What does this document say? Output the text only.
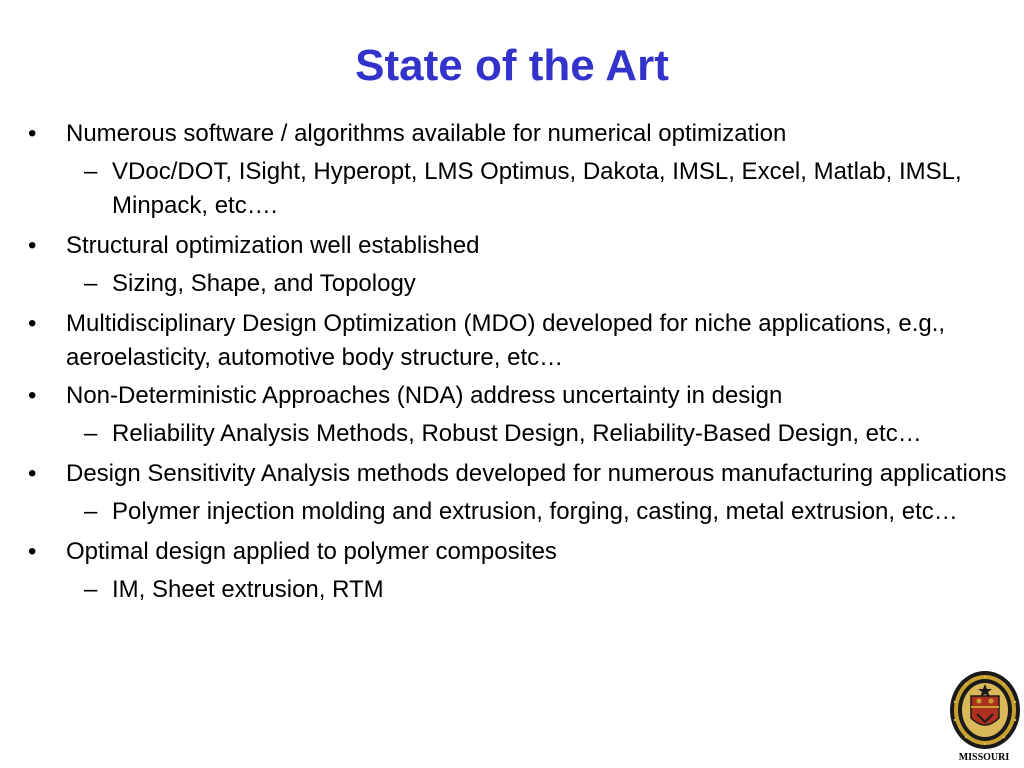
State of the Art
•	Numerous software / algorithms available for numerical optimization
– VDoc/DOT, ISight, Hyperopt, LMS Optimus, Dakota, IMSL, Excel, Matlab, IMSL, Minpack, etc….
•	Structural optimization well established
– Sizing, Shape, and Topology
•	Multidisciplinary Design Optimization (MDO) developed for niche applications, e.g., aeroelasticity, automotive body structure, etc…
•	Non-Deterministic Approaches (NDA) address uncertainty in design
– Reliability Analysis Methods, Robust Design, Reliability-Based Design, etc…
•	Design Sensitivity Analysis methods developed for numerous manufacturing applications
– Polymer injection molding and extrusion, forging, casting, metal extrusion, etc…
•	Optimal design applied to polymer composites
– IM, Sheet extrusion, RTM
MISSOURI
